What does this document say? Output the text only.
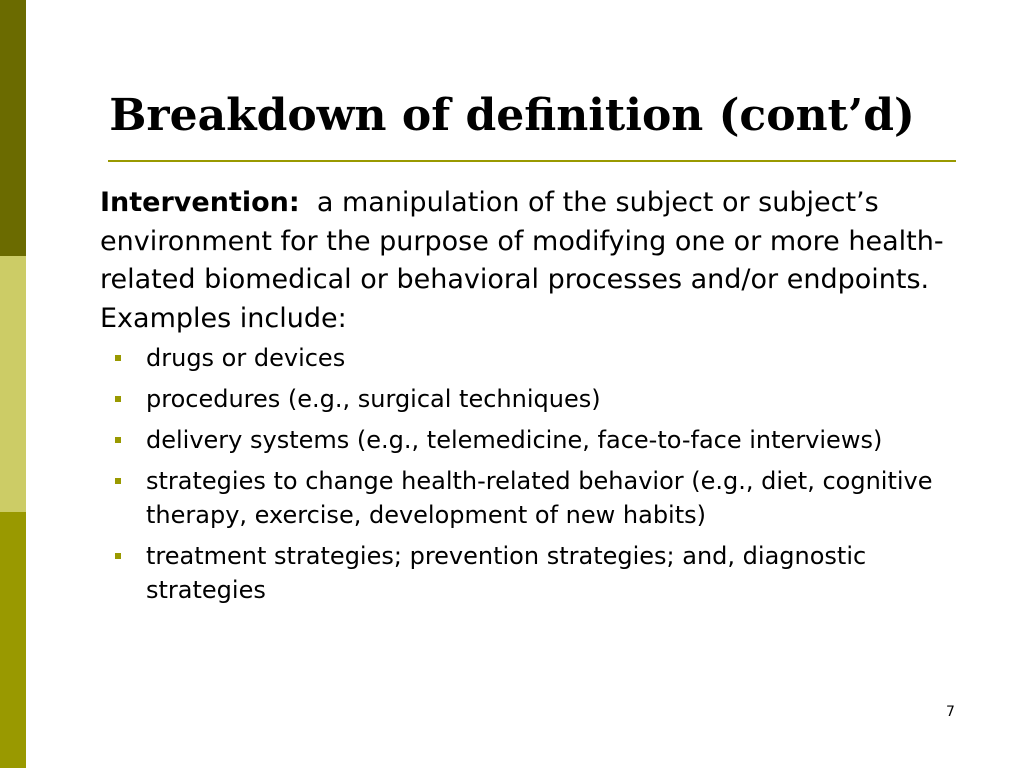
Breakdown of definition (cont’d)

Intervention: a manipulation of the subject or subject’s environment for the purpose of modifying one or more health-related biomedical or behavioral processes and/or endpoints. Examples include:

drugs or devices
procedures (e.g., surgical techniques)
delivery systems (e.g., telemedicine, face-to-face interviews)
strategies to change health-related behavior (e.g., diet, cognitive therapy, exercise, development of new habits)
treatment strategies; prevention strategies; and, diagnostic strategies
7
